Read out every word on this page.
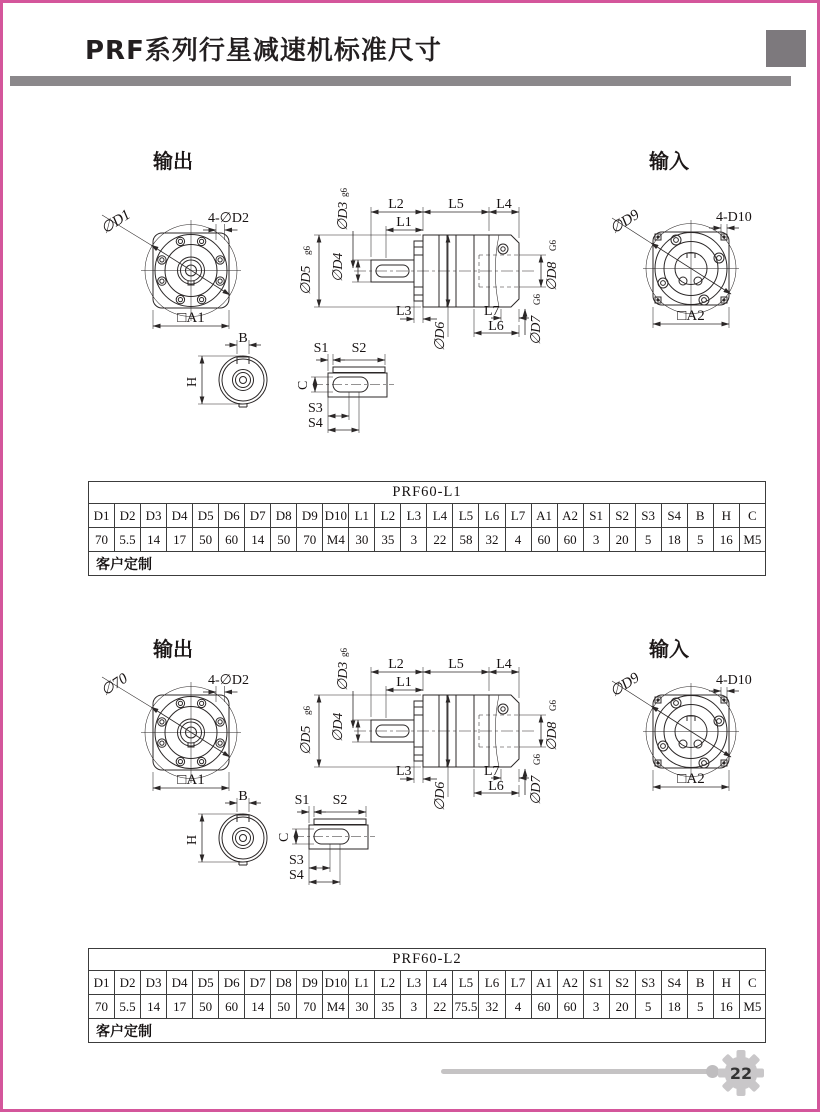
PRF系列行星减速机标准尺寸
输出	输入
∅D1	4-∅D2
□A1
L2	L5 L4
L1
∅D3
g6
∅D5
g6
∅D4	∅D8
G6
∅D7
G6
L3
∅D6
L7
L6
∅D9	4-D10
□A2
B
H
S1 S2
C
S3
S4
PRF60-L1																									
D1	D2	D3	D4	D5	D6	D7	D8	D9	D10	L1	L2	L3	L4	L5	L6	L7	A1	A2	S1	S2	S3	S4	B	H	C
70	5.5	14	17	50	60	14	50	70	M4	30	35	3	22	58	32	4	60	60	3	20	5	18	5	16	M5
客户定制																									
输出	输入
∅70	4-∅D2
□A1
L2	L5 L4
L1
∅D3
g6
∅D5
g6
∅D4	∅D8
G6
∅D7
G6
L3
∅D6
L7
L6
∅D9	4-D10
□A2
B
H
S1 S2
C
S3
S4
PRF60-L2																									
D1	D2	D3	D4	D5	D6	D7	D8	D9	D10	L1	L2	L3	L4	L5	L6	L7	A1	A2	S1	S2	S3	S4	B	H	C
70	5.5	14	17	50	60	14	50	70	M4	30	35	3	22	75.5	32	4	60	60	3	20	5	18	5	16	M5
客户定制																									
22
